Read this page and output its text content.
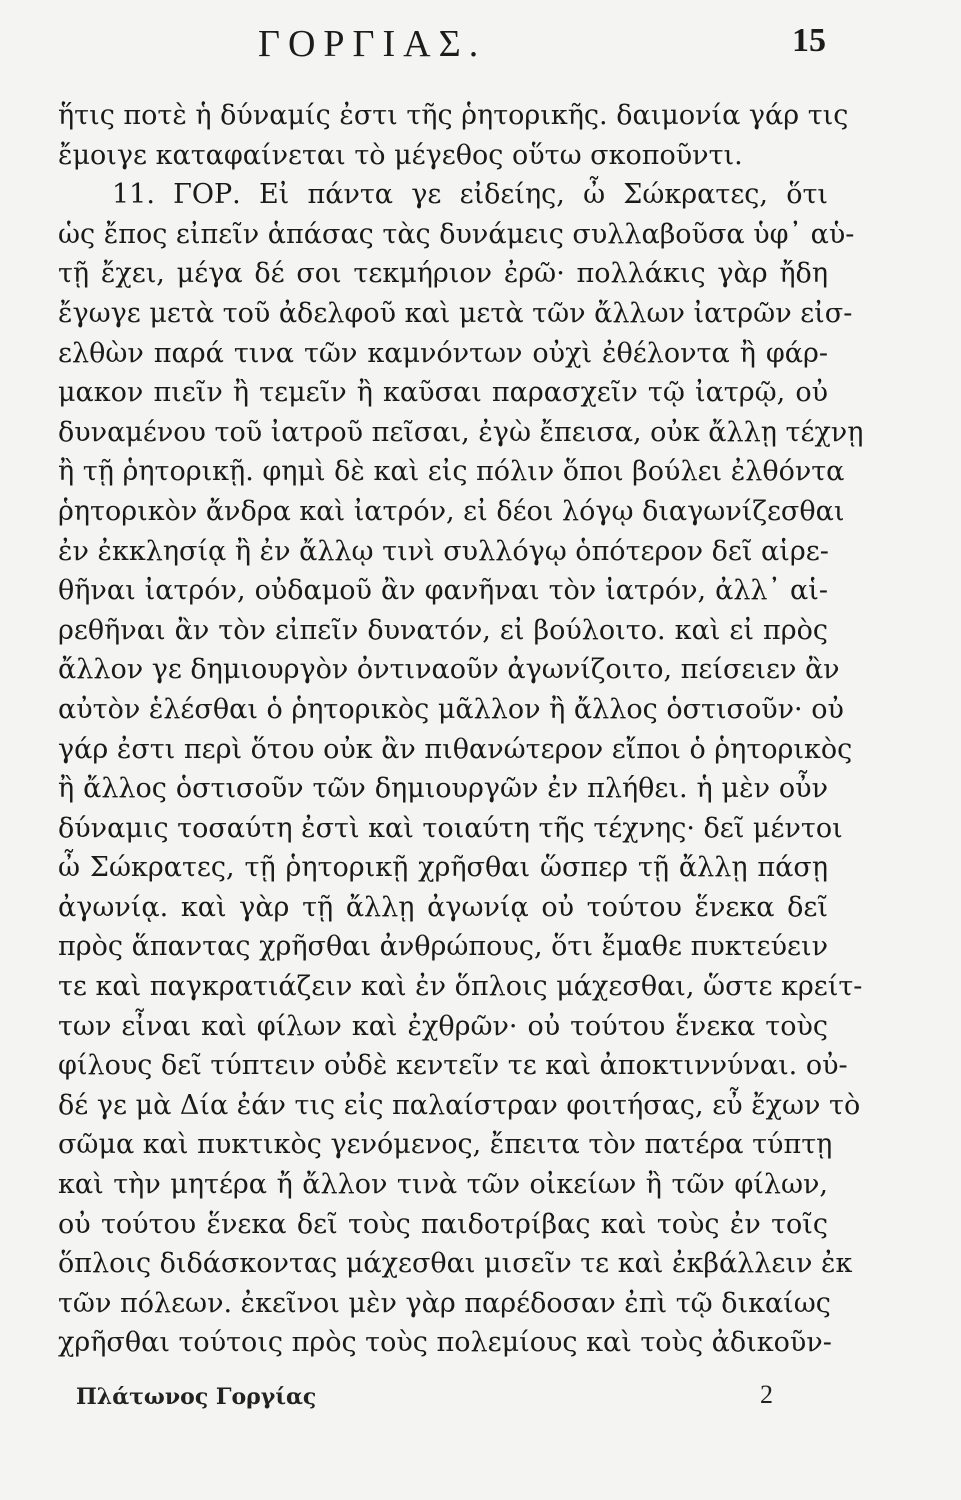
ΓΟΡΓΙΑΣ.	15
ἥτις ποτὲ ἡ δύναμίς ἐστι τῆς ῥητορικῆς. δαιμονία γάρ τις
ἔμοιγε καταφαίνεται τὸ μέγεθος οὕτω σκοποῦντι.
11. ΓΟΡ. Εἰ πάντα γε εἰδείης, ὦ Σώκρατες, ὅτι
ὡς ἔπος εἰπεῖν ἁπάσας τὰς δυνάμεις συλλαβοῦσα ὑφ᾽ αὑ-
τῇ ἔχει, μέγα δέ σοι τεκμήριον ἐρῶ· πολλάκις γὰρ ἤδη
ἔγωγε μετὰ τοῦ ἀδελφοῦ καὶ μετὰ τῶν ἄλλων ἰατρῶν εἰσ-
ελθὼν παρά τινα τῶν καμνόντων οὐχὶ ἐθέλοντα ἢ φάρ-
μακον πιεῖν ἢ τεμεῖν ἢ καῦσαι παρασχεῖν τῷ ἰατρῷ, οὐ
δυναμένου τοῦ ἰατροῦ πεῖσαι, ἐγὼ ἔπεισα, οὐκ ἄλλῃ τέχνῃ
ἢ τῇ ῥητορικῇ. φημὶ δὲ καὶ εἰς πόλιν ὅποι βούλει ἐλθόντα
ῥητορικὸν ἄνδρα καὶ ἰατρόν, εἰ δέοι λόγῳ διαγωνίζεσθαι
ἐν ἐκκλησίᾳ ἢ ἐν ἄλλῳ τινὶ συλλόγῳ ὁπότερον δεῖ αἱρε-
θῆναι ἰατρόν, οὐδαμοῦ ἂν φανῆναι τὸν ἰατρόν, ἀλλ᾽ αἱ-
ρεθῆναι ἂν τὸν εἰπεῖν δυνατόν, εἰ βούλοιτο. καὶ εἰ πρὸς
ἄλλον γε δημιουργὸν ὀντιναοῦν ἀγωνίζοιτο, πείσειεν ἂν
αὐτὸν ἑλέσθαι ὁ ῥητορικὸς μᾶλλον ἢ ἄλλος ὁστισοῦν· οὐ
γάρ ἐστι περὶ ὅτου οὐκ ἂν πιθανώτερον εἴποι ὁ ῥητορικὸς
ἢ ἄλλος ὁστισοῦν τῶν δημιουργῶν ἐν πλήθει. ἡ μὲν οὖν
δύναμις τοσαύτη ἐστὶ καὶ τοιαύτη τῆς τέχνης· δεῖ μέντοι
ὦ Σώκρατες, τῇ ῥητορικῇ χρῆσθαι ὥσπερ τῇ ἄλλῃ πάσῃ
ἀγωνίᾳ. καὶ γὰρ τῇ ἄλλῃ ἀγωνίᾳ οὐ τούτου ἕνεκα δεῖ
πρὸς ἅπαντας χρῆσθαι ἀνθρώπους, ὅτι ἔμαθε πυκτεύειν
τε καὶ παγκρατιάζειν καὶ ἐν ὅπλοις μάχεσθαι, ὥστε κρείτ-
των εἶναι καὶ φίλων καὶ ἐχθρῶν· οὐ τούτου ἕνεκα τοὺς
φίλους δεῖ τύπτειν οὐδὲ κεντεῖν τε καὶ ἀποκτιννύναι. οὐ-
δέ γε μὰ Δία ἐάν τις εἰς παλαίστραν φοιτήσας, εὖ ἔχων τὸ
σῶμα καὶ πυκτικὸς γενόμενος, ἔπειτα τὸν πατέρα τύπτῃ
καὶ τὴν μητέρα ἤ ἄλλον τινὰ τῶν οἰκείων ἢ τῶν φίλων,
οὐ τούτου ἕνεκα δεῖ τοὺς παιδοτρίβας καὶ τοὺς ἐν τοῖς
ὅπλοις διδάσκοντας μάχεσθαι μισεῖν τε καὶ ἐκβάλλειν ἐκ
τῶν πόλεων. ἐκεῖνοι μὲν γὰρ παρέδοσαν ἐπὶ τῷ δικαίως
χρῆσθαι τούτοις πρὸς τοὺς πολεμίους καὶ τοὺς ἀδικοῦν-
Πλάτωνος Γοργίας	2
